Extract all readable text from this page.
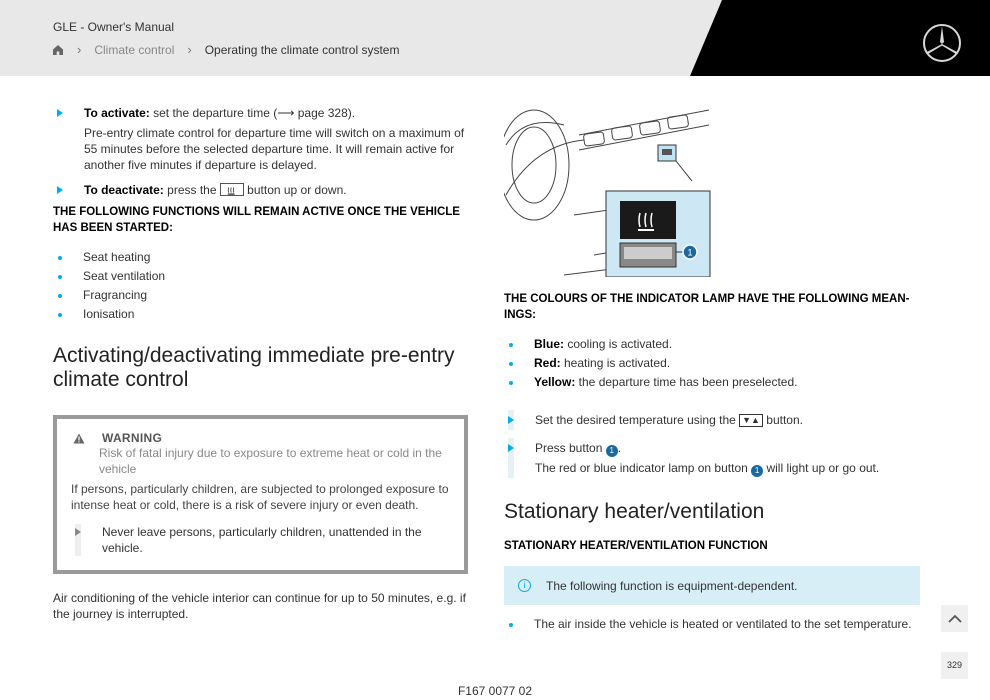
GLE - Owner's Manual
› Climate control › Operating the climate control system
To activate: set the departure time (⟶ page 328).
Pre-entry climate control for departure time will switch on a maximum of 55 minutes before the selected departure time. It will remain active for another five minutes if departure is delayed.
To deactivate: press the  button up or down.
THE FOLLOWING FUNCTIONS WILL REMAIN ACTIVE ONCE THE VEHICLE HAS BEEN STARTED:
Seat heating
Seat ventilation
Fragrancing
Ionisation
Activating/deactivating immediate pre-entry climate control
WARNING
Risk of fatal injury due to exposure to extreme heat or cold in the vehicle
If persons, particularly children, are subjected to prolonged exposure to intense heat or cold, there is a risk of severe injury or even death.
Never leave persons, particularly children, unattended in the vehicle.
Air conditioning of the vehicle interior can continue for up to 50 minutes, e.g. if the journey is interrupted.
1
THE COLOURS OF THE INDICATOR LAMP HAVE THE FOLLOWING MEAN-INGS:
Blue: cooling is activated.
Red: heating is activated.
Yellow: the departure time has been preselected.
Set the desired temperature using the ▼▲ button.
Press button 1 .
The red or blue indicator lamp on button 1 will light up or go out.
Stationary heater/ventilation
STATIONARY HEATER/VENTILATION FUNCTION
i	The following function is equipment-dependent.
The air inside the vehicle is heated or ventilated to the set temperature.
329
F167 0077 02
